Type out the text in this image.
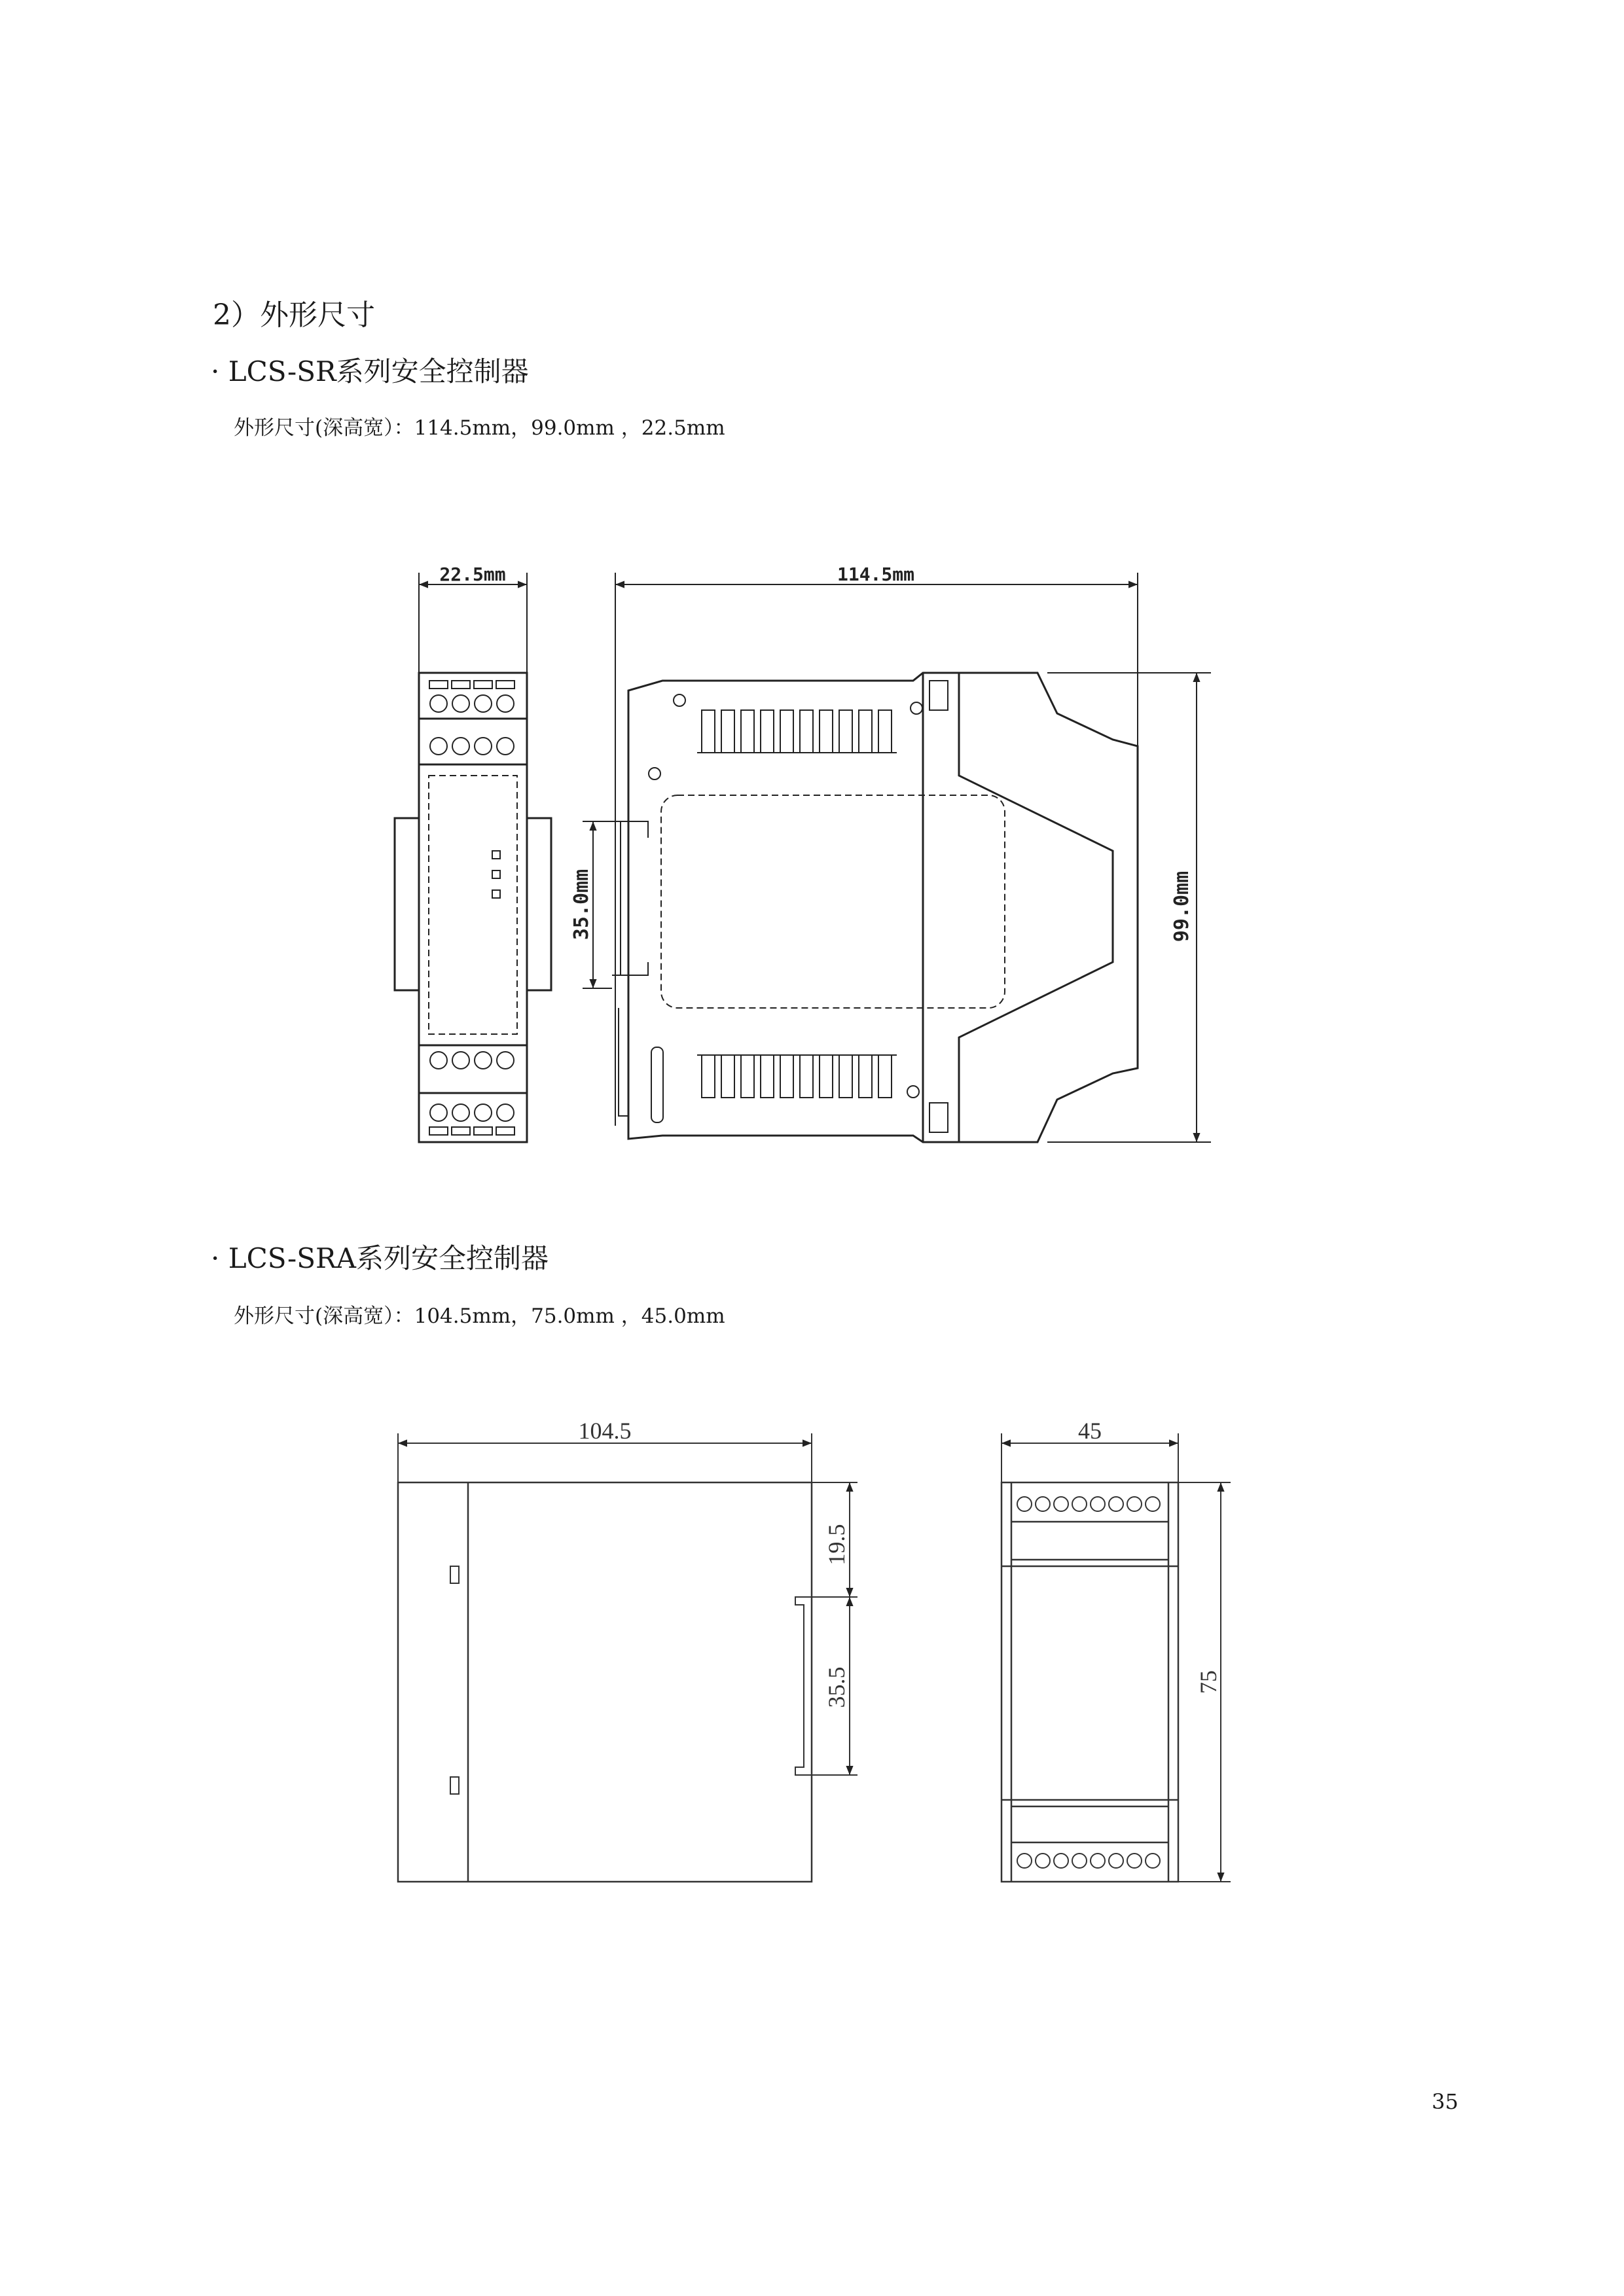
2）外形尺寸
· LCS-SR系列安全控制器
外形尺寸(深高宽）：114.5mm，99.0mm ，22.5mm
· LCS-SRA系列安全控制器
外形尺寸(深高宽）：104.5mm，75.0mm ，45.0mm
22.5mm	114.5mm
35.0mm	99.0mm
104.5
19.5
35.5
45
75
35
